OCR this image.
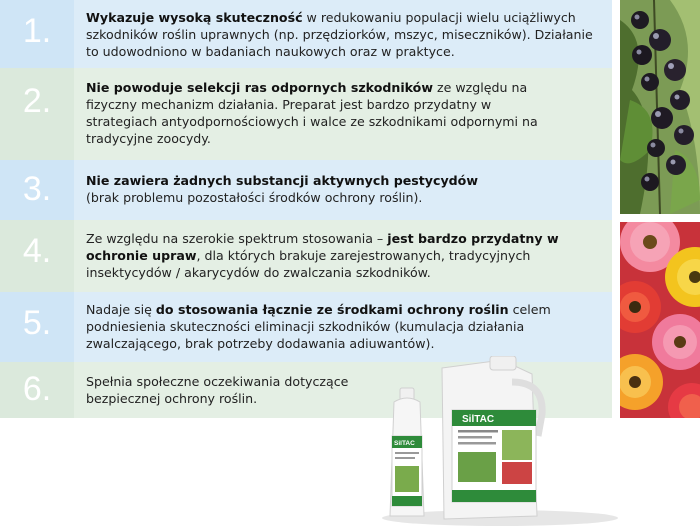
1.	Wykazuje wysoką skuteczność w redukowaniu populacji wielu uciążliwych szkodników roślin uprawnych (np. przędziorków, mszyc, miseczników). Działanie to udowodniono w badaniach naukowych oraz w praktyce.
2.	Nie powoduje selekcji ras odpornych szkodników ze względu na fizyczny mechanizm działania. Preparat jest bardzo przydatny w strategiach antyodpornościowych i walce ze szkodnikami odpornymi na tradycyjne zoocydy.
3.	Nie zawiera żadnych substancji aktywnych pestycydów (brak problemu pozostałości środków ochrony roślin).
4.	Ze względu na szerokie spektrum stosowania – jest bardzo przydatny w ochronie upraw, dla których brakuje zarejestrowanych, tradycyjnych insektycydów / akarycydów do zwalczania szkodników.
5.	Nadaje się do stosowania łącznie ze środkami ochrony roślin celem podniesienia skuteczności eliminacji szkodników (kumulacja działania zwalczającego, brak potrzeby dodawania adiuwantów).
6.	Spełnia społeczne oczekiwania dotyczące bezpiecznej ochrony roślin.
SilTAC
SilTAC
